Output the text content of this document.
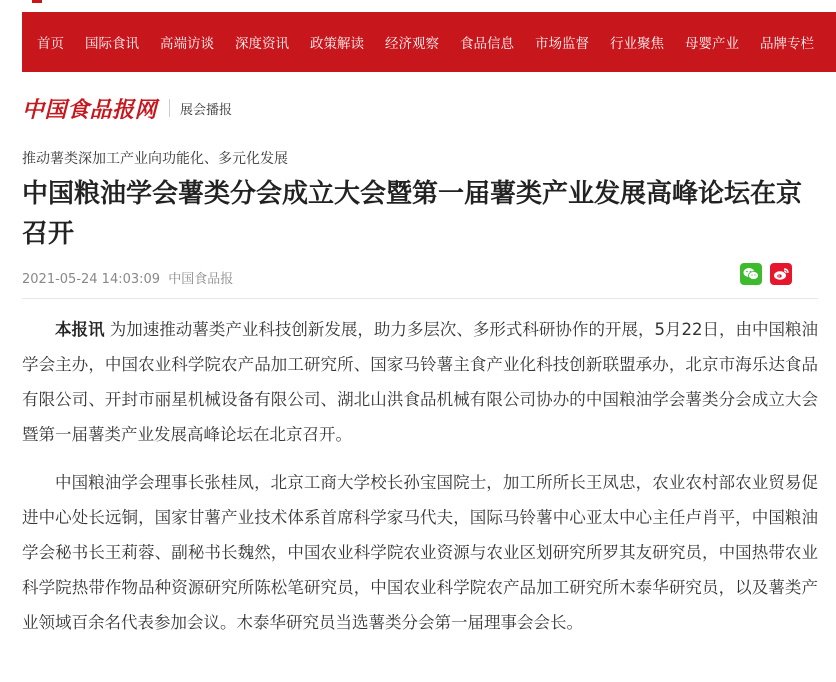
首页 国际食讯 高端访谈 深度资讯 政策解读 经济观察 食品信息 市场监督 行业聚焦 母婴产业 品牌专栏
中国食品报网 展会播报
推动薯类深加工产业向功能化、多元化发展
中国粮油学会薯类分会成立大会暨第一届薯类产业发展高峰论坛在京召开
2021-05-24 14:03:09 中国食品报

本报讯 为加速推动薯类产业科技创新发展，助力多层次、多形式科研协作的开展，5月22日，由中国粮油学会主办，中国农业科学院农产品加工研究所、国家马铃薯主食产业化科技创新联盟承办，北京市海乐达食品有限公司、开封市丽星机械设备有限公司、湖北山洪食品机械有限公司协办的中国粮油学会薯类分会成立大会暨第一届薯类产业发展高峰论坛在北京召开。

中国粮油学会理事长张桂凤，北京工商大学校长孙宝国院士，加工所所长王凤忠，农业农村部农业贸易促进中心处长远铜，国家甘薯产业技术体系首席科学家马代夫，国际马铃薯中心亚太中心主任卢肖平，中国粮油学会秘书长王莉蓉、副秘书长魏然，中国农业科学院农业资源与农业区划研究所罗其友研究员，中国热带农业科学院热带作物品种资源研究所陈松笔研究员，中国农业科学院农产品加工研究所木泰华研究员，以及薯类产业领域百余名代表参加会议。木泰华研究员当选薯类分会第一届理事会会长。
